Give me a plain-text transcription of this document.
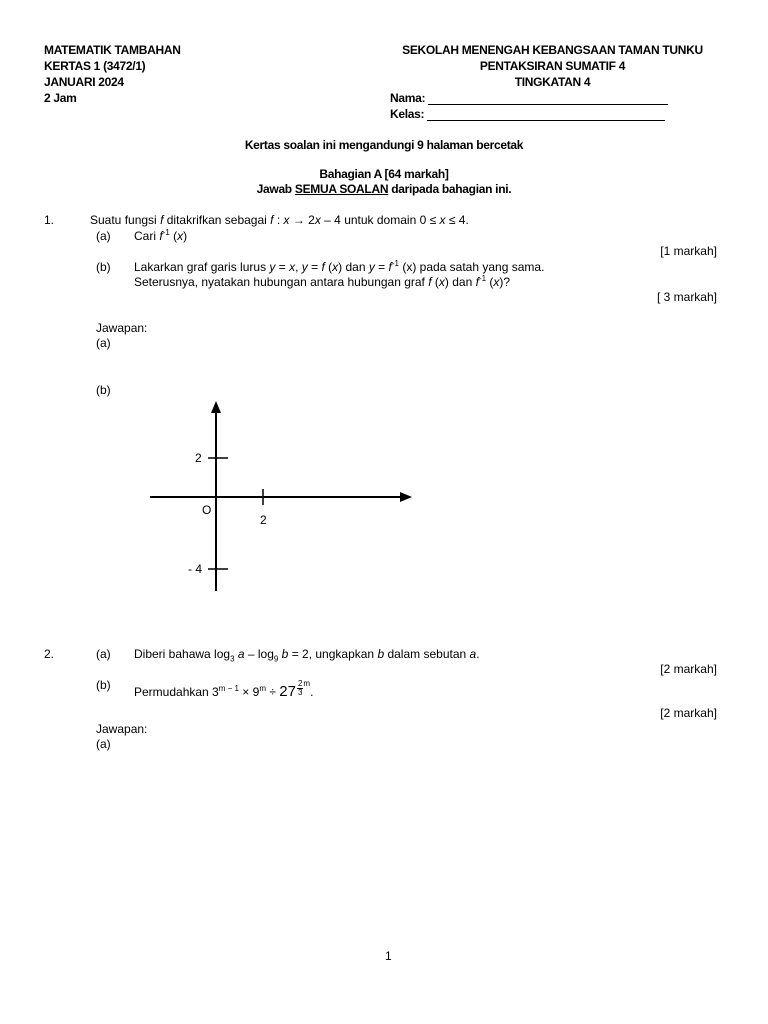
MATEMATIK TAMBAHAN
KERTAS 1 (3472/1)
JANUARI 2024
2 Jam
SEKOLAH MENENGAH KEBANGSAAN TAMAN TUNKU
PENTAKSIRAN SUMATIF 4
TINGKATAN 4
Nama:
Kelas:
Kertas soalan ini mengandungi 9 halaman bercetak
Bahagian A [64 markah]
Jawab SEMUA SOALAN daripada bahagian ini.
1.	Suatu fungsi f ditakrifkan sebagai f : x → 2x – 4 untuk domain 0 ≤ x ≤ 4.
(a) Cari $f^{-1}$ (x)
[1 markah]
(b) Lakarkan graf garis lurus y = x, y = f (x) dan $y = f^{-1}$ (x) pada satah yang sama.
Seterusnya, nyatakan hubungan antara hubungan graf f (x) dan $f^{-1}$ (x)?
[ 3 markah]
Jawapan:
(a)
(b)
2
- 4
O
2
2.	(a) Diberi bahawa $\log_3 a - \log_9 b = 2$, ungkapkan b dalam sebutan a.
[2 markah]
(b) Permudahkan $3^{m - 1} \times 9^m \div 27 \frac{2}{3} ^m$.
[2 markah]
Jawapan:
(a)
1
